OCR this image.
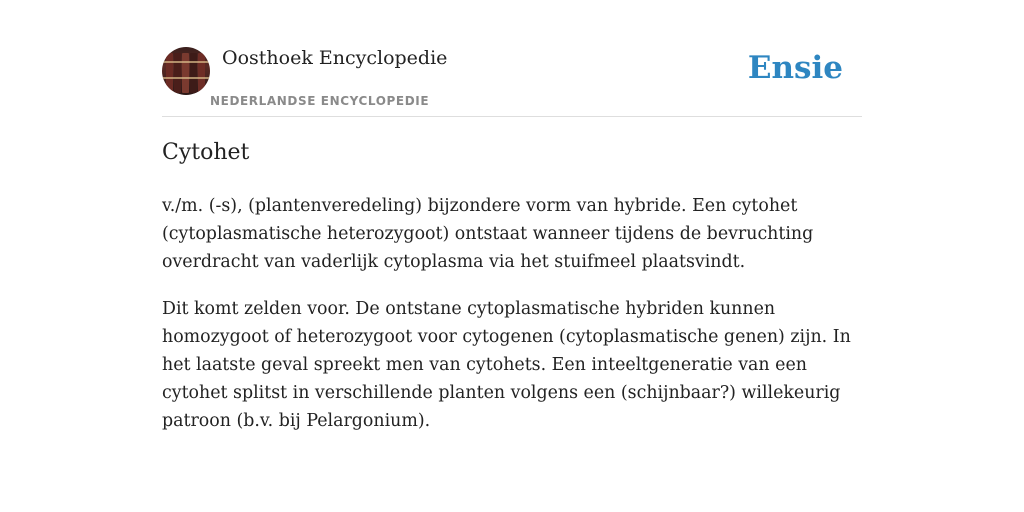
Oosthoek Encyclopedie
NEDERLANDSE ENCYCLOPEDIE
Ensie
Cytohet

v./m. (-s), (plantenveredeling) bijzondere vorm van hybride. Een cytohet (cytoplasmatische heterozygoot) ontstaat wanneer tijdens de bevruchting overdracht van vaderlijk cytoplasma via het stuifmeel plaatsvindt.

Dit komt zelden voor. De ontstane cytoplasmatische hybriden kunnen homozygoot of heterozygoot voor cytogenen (cytoplasmatische genen) zijn. In het laatste geval spreekt men van cytohets. Een inteeltgeneratie van een cytohet splitst in verschillende planten volgens een (schijnbaar?) willekeurig patroon (b.v. bij Pelargonium).
